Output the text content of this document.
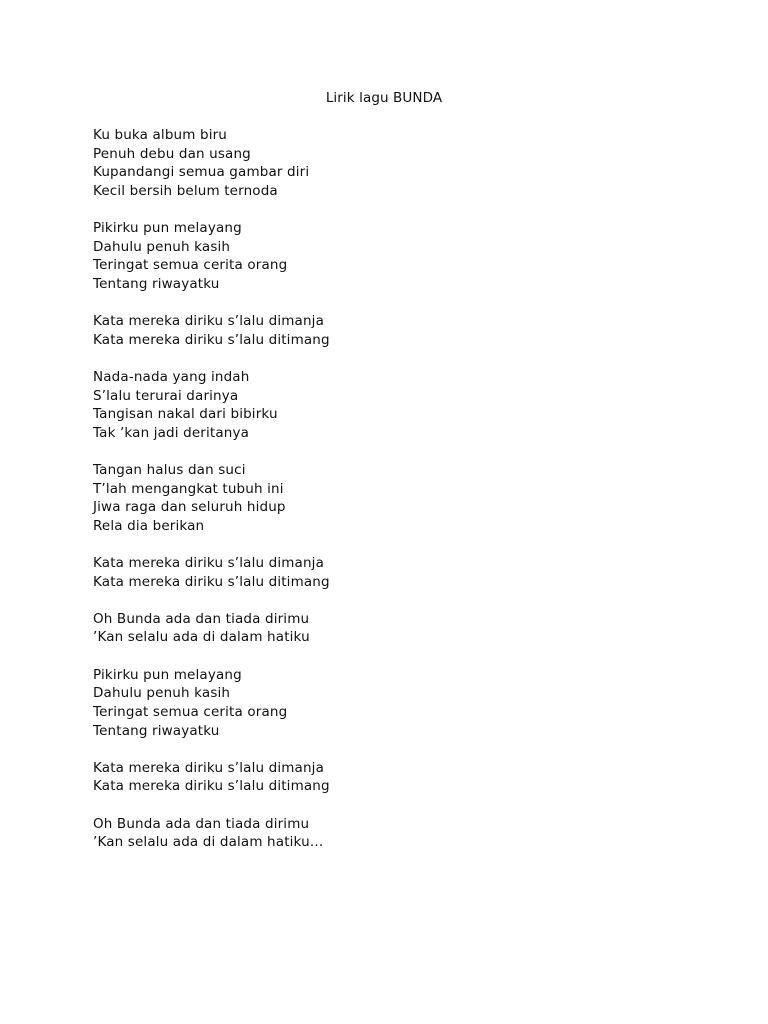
Lirik lagu BUNDA
Ku buka album biru
Penuh debu dan usang
Kupandangi semua gambar diri
Kecil bersih belum ternoda
Pikirku pun melayang
Dahulu penuh kasih
Teringat semua cerita orang
Tentang riwayatku
Kata mereka diriku s’lalu dimanja
Kata mereka diriku s’lalu ditimang
Nada-nada yang indah
S’lalu terurai darinya
Tangisan nakal dari bibirku
Tak ’kan jadi deritanya
Tangan halus dan suci
T’lah mengangkat tubuh ini
Jiwa raga dan seluruh hidup
Rela dia berikan
Kata mereka diriku s’lalu dimanja
Kata mereka diriku s’lalu ditimang
Oh Bunda ada dan tiada dirimu
’Kan selalu ada di dalam hatiku
Pikirku pun melayang
Dahulu penuh kasih
Teringat semua cerita orang
Tentang riwayatku
Kata mereka diriku s’lalu dimanja
Kata mereka diriku s’lalu ditimang
Oh Bunda ada dan tiada dirimu
’Kan selalu ada di dalam hatiku…
